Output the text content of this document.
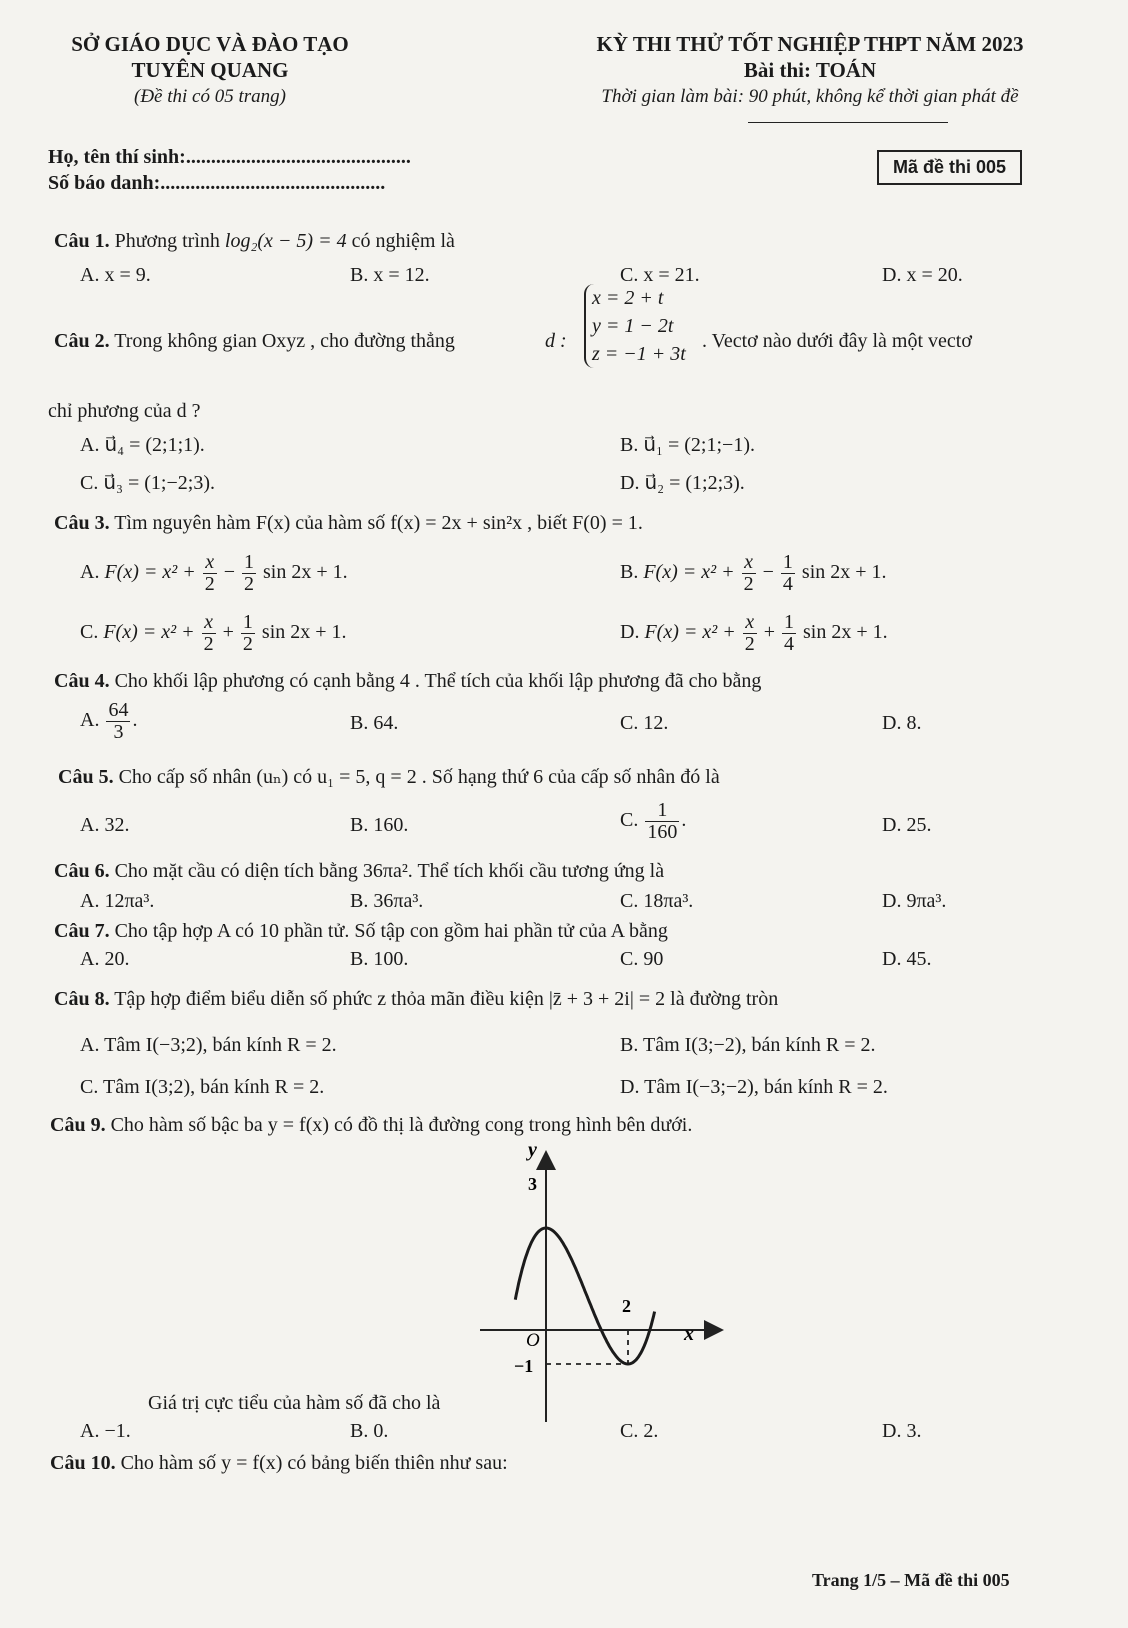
SỞ GIÁO DỤC VÀ ĐÀO TẠO
TUYÊN QUANG
(Đề thi có 05 trang)
KỲ THI THỬ TỐT NGHIỆP THPT NĂM 2023
Bài thi: TOÁN
Thời gian làm bài: 90 phút, không kể thời gian phát đề
Họ, tên thí sinh:.............................................
Số báo danh:.............................................
Mã đề thi 005
Câu 1. Phương trình log₂(x − 5) = 4 có nghiệm là
A. x = 9.	B. x = 12.	C. x = 21.	D. x = 20.
Câu 2. Trong không gian Oxyz , cho đường thẳng	d :
x = 2 + t
y = 1 − 2t
z = −1 + 3t
. Vectơ nào dưới đây là một vectơ
chỉ phương của d ?
A. u⃗₄ = (2;1;1).	B. u⃗₁ = (2;1;−1).
C. u⃗₃ = (1;−2;3).	D. u⃗₂ = (1;2;3).
Câu 3. Tìm nguyên hàm F(x) của hàm số f(x) = 2x + sin²x , biết F(0) = 1.
A. $F(x) = x^2 + \frac{x}{2} - \frac{1}{2}$ sin 2x + 1.	B. $F(x) = x^2 + \frac{x}{2} - \frac{1}{4}$ sin 2x + 1.
C. $F(x) = x^2 + \frac{x}{2} + \frac{1}{2}$ sin 2x + 1.	D. $F(x) = x^2 + \frac{x}{2} + \frac{1}{4}$ sin 2x + 1.
Câu 4. Cho khối lập phương có cạnh bằng 4 . Thể tích của khối lập phương đã cho bằng
A. $\frac{64}{3}$ .	B. 64.	C. 12.	D. 8.
Câu 5. Cho cấp số nhân (uₙ) có u₁ = 5, q = 2 . Số hạng thứ 6 của cấp số nhân đó là
A. 32.	B. 160.	C. $\frac{1}{160}$ .	D. 25.
Câu 6. Cho mặt cầu có diện tích bằng 36πa². Thể tích khối cầu tương ứng là
A. 12πa³.	B. 36πa³.	C. 18πa³.	D. 9πa³.
Câu 7. Cho tập hợp A có 10 phần tử. Số tập con gồm hai phần tử của A bằng
A. 20.	B. 100.	C. 90	D. 45.
Câu 8. Tập hợp điểm biểu diễn số phức z thỏa mãn điều kiện |z̄ + 3 + 2i| = 2 là đường tròn
A. Tâm I(−3;2), bán kính R = 2.	B. Tâm I(3;−2), bán kính R = 2.
C. Tâm I(3;2), bán kính R = 2.	D. Tâm I(−3;−2), bán kính R = 2.
Câu 9. Cho hàm số bậc ba y = f(x) có đồ thị là đường cong trong hình bên dưới.
y
x
3
O
−1
2
Giá trị cực tiểu của hàm số đã cho là
A. −1.	B. 0.	C. 2.	D. 3.
Câu 10. Cho hàm số y = f(x) có bảng biến thiên như sau:
Trang 1/5 – Mã đề thi 005
